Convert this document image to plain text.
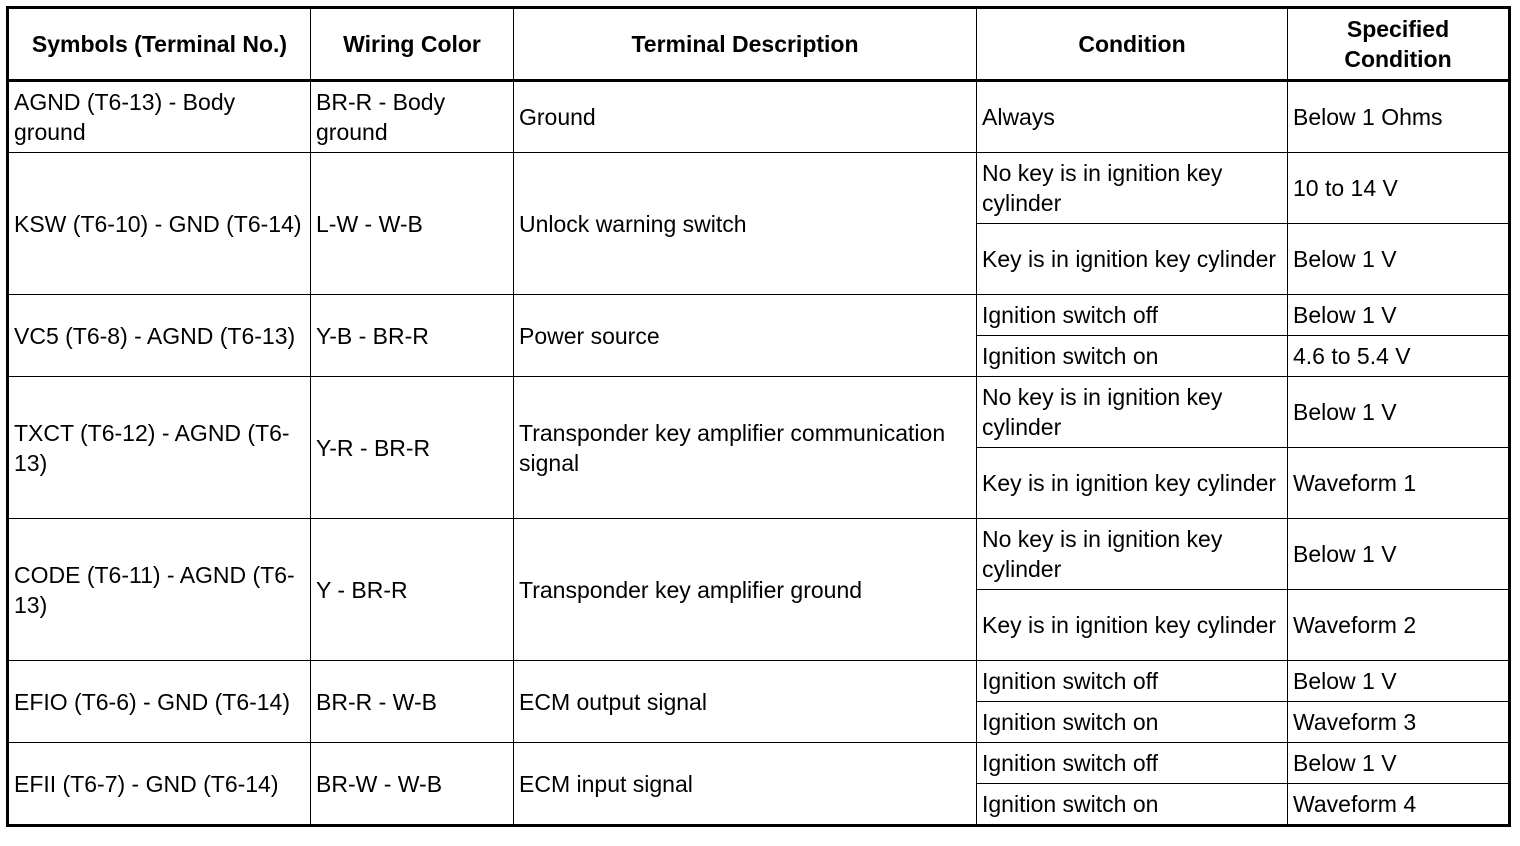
Symbols (Terminal No.)	Wiring Color	Terminal Description	Condition	Specified Condition
AGND (T6-13) - Body ground	BR-R - Body ground	Ground	Always	Below 1 Ohms
KSW (T6-10) - GND (T6-14)	L-W - W-B	Unlock warning switch	No key is in ignition key cylinder	10 to 14 V
			Key is in ignition key cylinder	Below 1 V
VC5 (T6-8) - AGND (T6-13)	Y-B - BR-R	Power source	Ignition switch off	Below 1 V
			Ignition switch on	4.6 to 5.4 V
TXCT (T6-12) - AGND (T6-13)	Y-R - BR-R	Transponder key amplifier communication signal	No key is in ignition key cylinder	Below 1 V
			Key is in ignition key cylinder	Waveform 1
CODE (T6-11) - AGND (T6-13)	Y - BR-R	Transponder key amplifier ground	No key is in ignition key cylinder	Below 1 V
			Key is in ignition key cylinder	Waveform 2
EFIO (T6-6) - GND (T6-14)	BR-R - W-B	ECM output signal	Ignition switch off	Below 1 V
			Ignition switch on	Waveform 3
EFII (T6-7) - GND (T6-14)	BR-W - W-B	ECM input signal	Ignition switch off	Below 1 V
			Ignition switch on	Waveform 4
